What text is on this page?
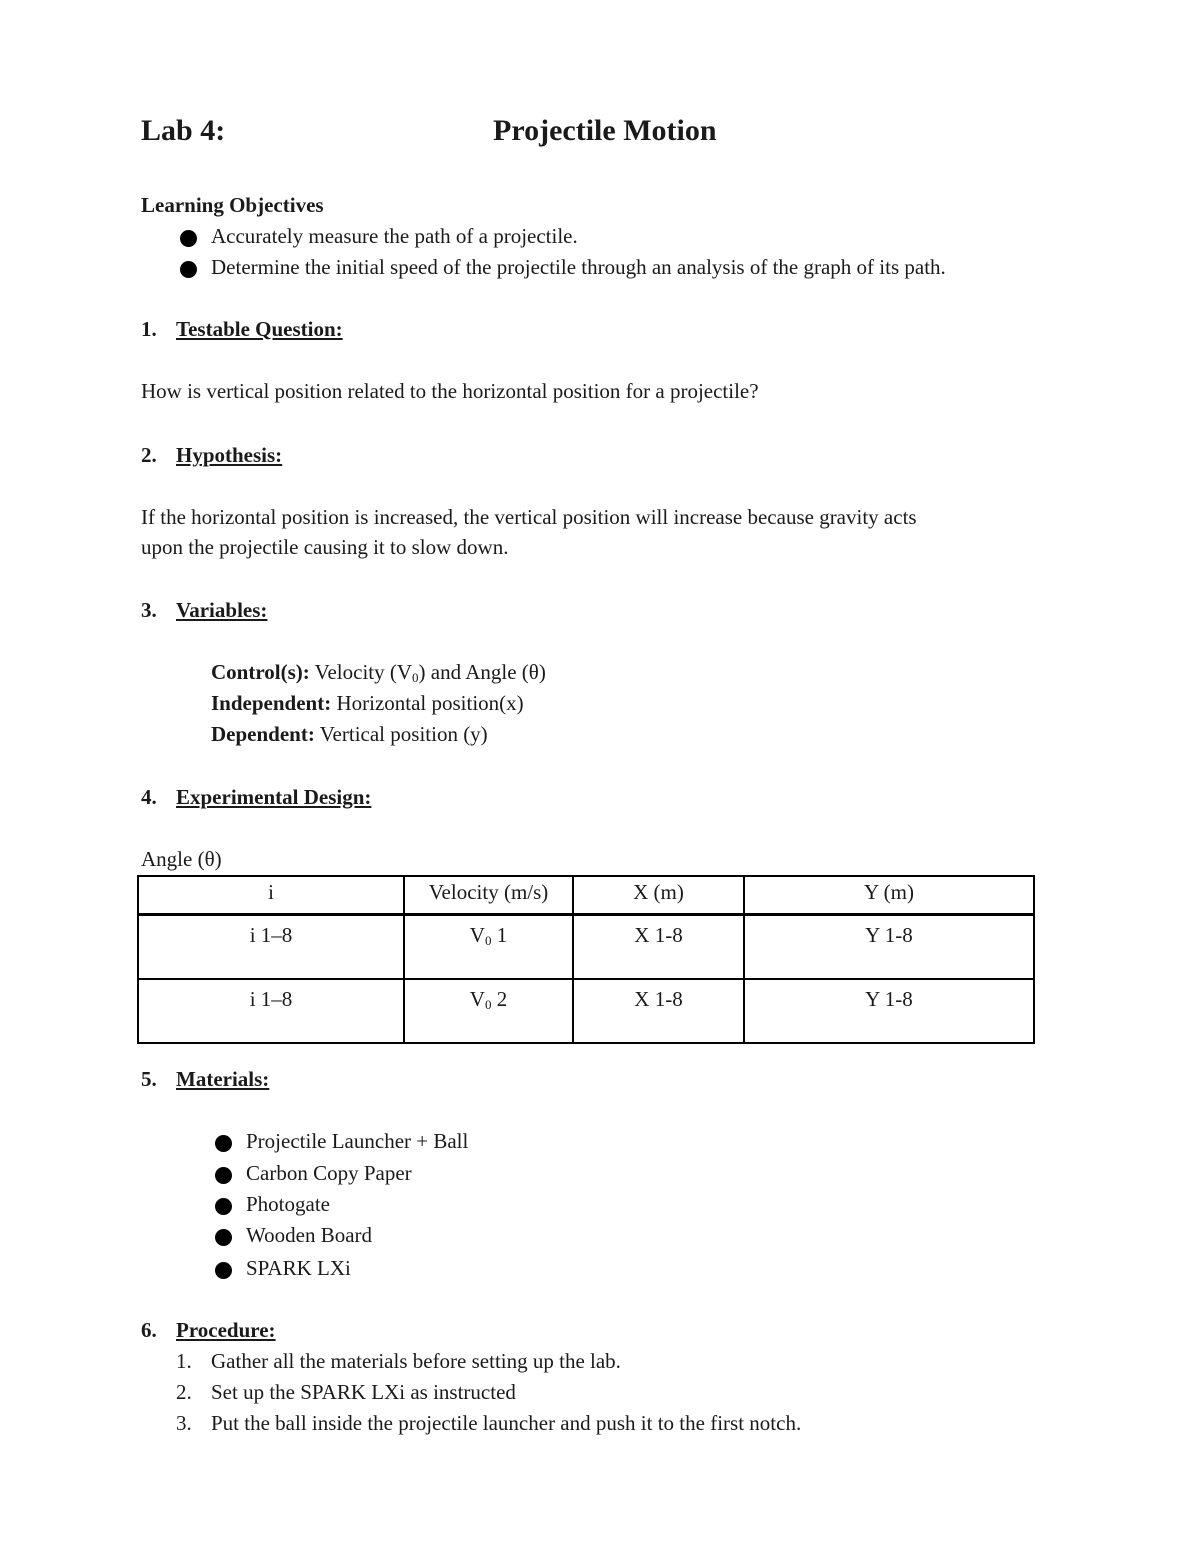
Lab 4:	Projectile Motion
Learning Objectives
Accurately measure the path of a projectile.
Determine the initial speed of the projectile through an analysis of the graph of its path.
1. Testable Question:
How is vertical position related to the horizontal position for a projectile?
2. Hypothesis:
If the horizontal position is increased, the vertical position will increase because gravity acts
upon the projectile causing it to slow down.
3. Variables:
Control(s): Velocity $(V_0)$ and Angle (θ)
Independent: Horizontal position(x)
Dependent: Vertical position (y)
4. Experimental Design:
Angle (θ)
i	Velocity (m/s)	X (m)	Y (m)
i 1–8	$V_0$ 1	X 1-8	Y 1-8
i 1–8	$V_0$ 2	X 1-8	Y 1-8
5. Materials:
Projectile Launcher + Ball
Carbon Copy Paper
Photogate
Wooden Board
SPARK LXi
6. Procedure:
1. Gather all the materials before setting up the lab.
2. Set up the SPARK LXi as instructed
3. Put the ball inside the projectile launcher and push it to the first notch.
